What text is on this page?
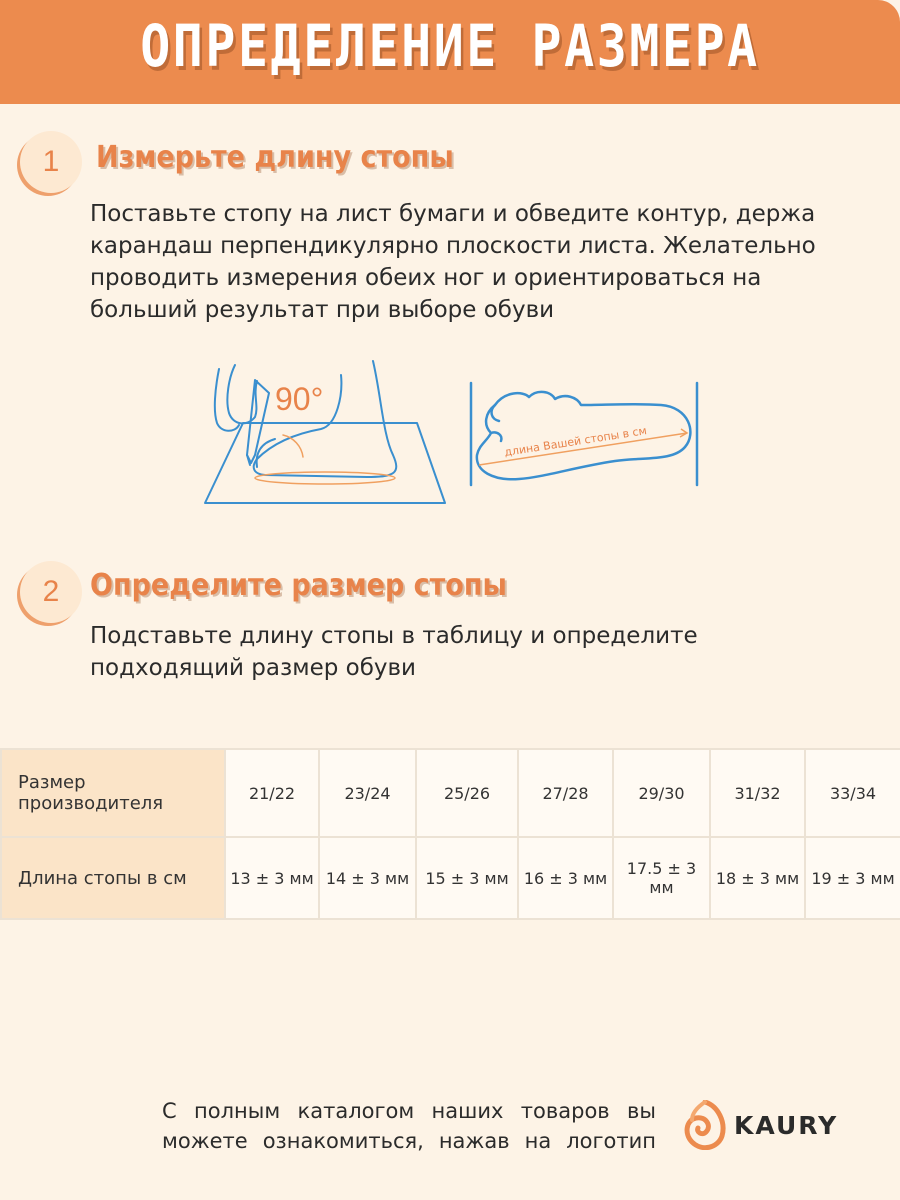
ОПРЕДЕЛЕНИЕ РАЗМЕРА
1 Измерьте длину стопы
Поставьте стопу на лист бумаги и обведите контур, держа карандаш перпендикулярно плоскости листа. Желательно проводить измерения обеих ног и ориентироваться на больший результат при выборе обуви
90°
длина Вашей стопы в см
2 Определите размер стопы
Подставьте длину стопы в таблицу и определите подходящий размер обуви
Размер производителя	21/22	23/24	25/26	27/28	29/30	31/32	33/34
Длина стопы в см	13 ± 3 мм	14 ± 3 мм	15 ± 3 мм	16 ± 3 мм	17.5 ± 3 мм	18 ± 3 мм	19 ± 3 мм
С полным каталогом наших товаров вы можете ознакомиться, нажав на логотип
KAURY
